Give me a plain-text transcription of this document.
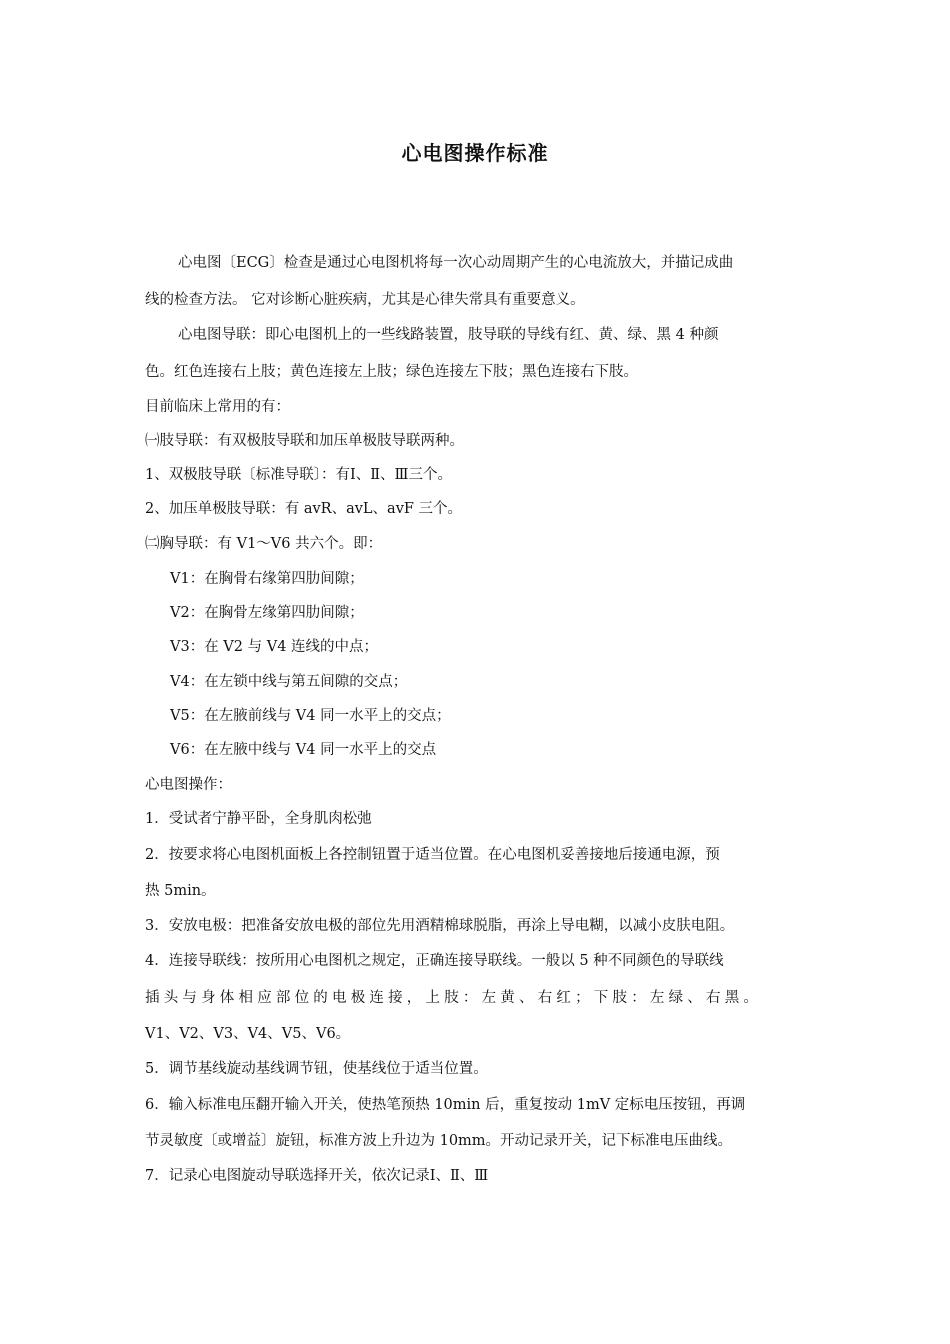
心电图操作标准
心电图〔ECG〕检查是通过心电图机将每一次心动周期产生的心电流放大，并描记成曲
线的检查方法。 它对诊断心脏疾病，尤其是心律失常具有重要意义。
心电图导联：即心电图机上的一些线路装置，肢导联的导线有红、黄、绿、黑 4 种颜
色。红色连接右上肢；黄色连接左上肢；绿色连接左下肢；黑色连接右下肢。
目前临床上常用的有：
㈠肢导联：有双极肢导联和加压单极肢导联两种。
1、双极肢导联〔标准导联〕：有Ⅰ、Ⅱ、Ⅲ三个。
2、加压单极肢导联：有 avR、avL、avF 三个。
㈡胸导联：有 V1～V6 共六个。即：
V1：在胸骨右缘第四肋间隙；
V2：在胸骨左缘第四肋间隙；
V3：在 V2 与 V4 连线的中点；
V4：在左锁中线与第五间隙的交点；
V5：在左腋前线与 V4 同一水平上的交点；
V6：在左腋中线与 V4 同一水平上的交点
心电图操作：
1．受试者宁静平卧，全身肌肉松弛
2．按要求将心电图机面板上各控制钮置于适当位置。在心电图机妥善接地后接通电源，预
热 5min。
3．安放电极：把准备安放电极的部位先用酒精棉球脱脂，再涂上导电糊，以减小皮肤电阻。
4．连接导联线：按所用心电图机之规定，正确连接导联线。一般以 5 种不同颜色的导联线
插头与身体相应部位的电极连接，上肢：左黄、右红；下肢：左绿、右黑。
V1、V2、V3、V4、V5、V6。
5．调节基线旋动基线调节钮，使基线位于适当位置。
6．输入标准电压翻开输入开关，使热笔预热 10min 后，重复按动 1mV 定标电压按钮，再调
节灵敏度〔或增益〕旋钮，标准方波上升边为 10mm。开动记录开关，记下标准电压曲线。
7．记录心电图旋动导联选择开关，依次记录Ⅰ、Ⅱ、Ⅲ
